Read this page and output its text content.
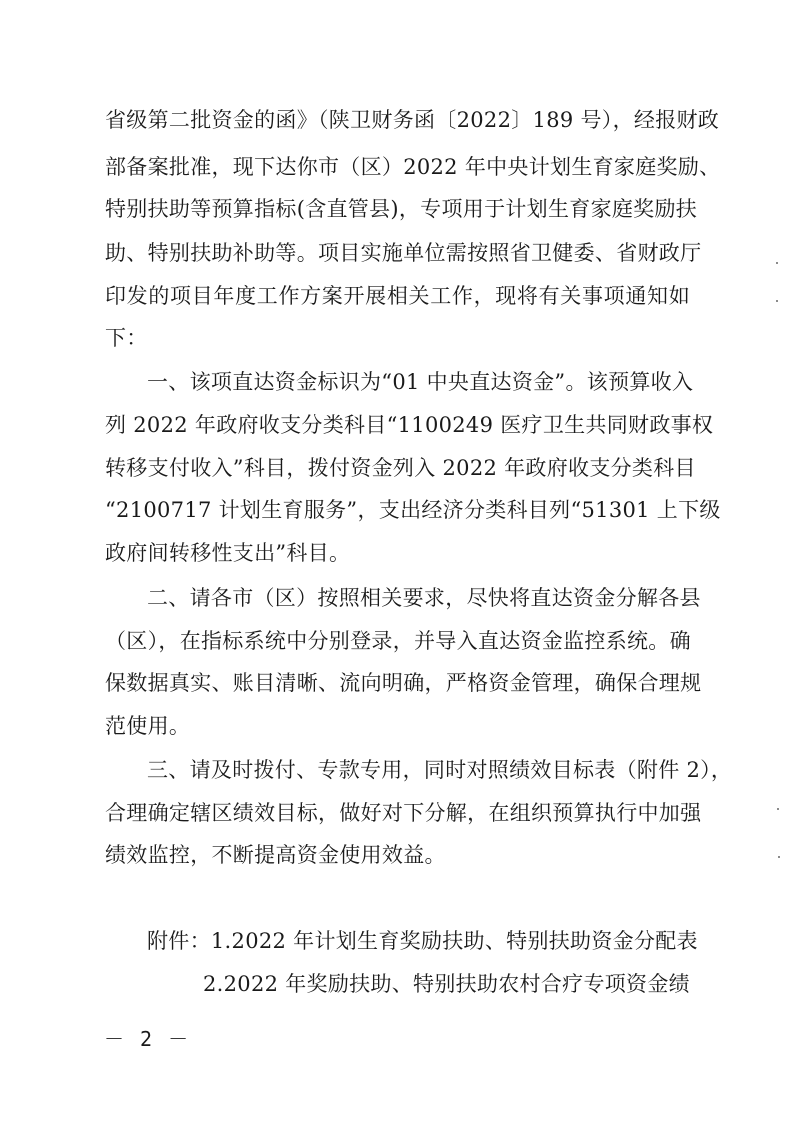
省级第二批资金的函》（陕卫财务函〔2022〕189 号），经报财政
部备案批准，现下达你市（区）2022 年中央计划生育家庭奖励、
特别扶助等预算指标(含直管县)，专项用于计划生育家庭奖励扶
助、特别扶助补助等。项目实施单位需按照省卫健委、省财政厅
印发的项目年度工作方案开展相关工作，现将有关事项通知如
下：
一、该项直达资金标识为“01 中央直达资金”。该预算收入
列 2022 年政府收支分类科目“1100249 医疗卫生共同财政事权
转移支付收入”科目，拨付资金列入 2022 年政府收支分类科目
“2100717 计划生育服务”，支出经济分类科目列“51301 上下级
政府间转移性支出”科目。
二、请各市（区）按照相关要求，尽快将直达资金分解各县
（区），在指标系统中分别登录，并导入直达资金监控系统。确
保数据真实、账目清晰、流向明确，严格资金管理，确保合理规
范使用。
三、请及时拨付、专款专用，同时对照绩效目标表（附件 2），
合理确定辖区绩效目标，做好对下分解，在组织预算执行中加强
绩效监控，不断提高资金使用效益。
附件：1.2022 年计划生育奖励扶助、特别扶助资金分配表
2.2022 年奖励扶助、特别扶助农村合疗专项资金绩
－ 2 －
